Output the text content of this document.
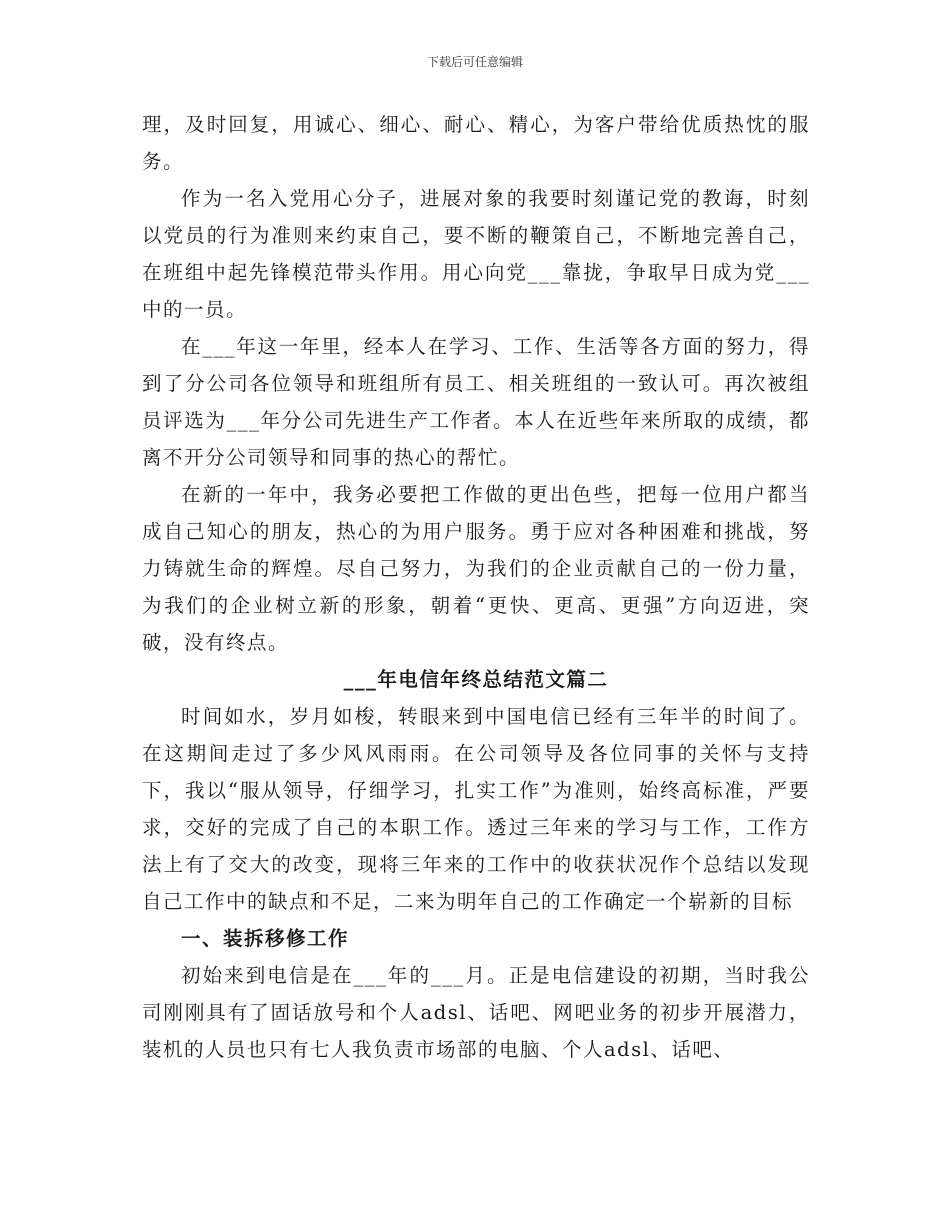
下载后可任意编辑

理，及时回复，用诚心、细心、耐心、精心，为客户带给优质热忱的服务。

作为一名入党用心分子，进展对象的我要时刻谨记党的教诲，时刻以党员的行为准则来约束自己，要不断的鞭策自己，不断地完善自己，在班组中起先锋模范带头作用。用心向党___靠拢，争取早日成为党___中的一员。

在___年这一年里，经本人在学习、工作、生活等各方面的努力，得到了分公司各位领导和班组所有员工、相关班组的一致认可。再次被组员评选为___年分公司先进生产工作者。本人在近些年来所取的成绩，都离不开分公司领导和同事的热心的帮忙。

在新的一年中，我务必要把工作做的更出色些，把每一位用户都当成自己知心的朋友，热心的为用户服务。勇于应对各种困难和挑战，努力铸就生命的辉煌。尽自己努力，为我们的企业贡献自己的一份力量，为我们的企业树立新的形象，朝着“更快、更高、更强”方向迈进，突破，没有终点。

___年电信年终总结范文篇二

时间如水，岁月如梭，转眼来到中国电信已经有三年半的时间了。在这期间走过了多少风风雨雨。在公司领导及各位同事的关怀与支持下，我以“服从领导，仔细学习，扎实工作”为准则，始终高标准，严要求，交好的完成了自己的本职工作。透过三年来的学习与工作，工作方法上有了交大的改变，现将三年来的工作中的收获状况作个总结以发现自己工作中的缺点和不足，二来为明年自己的工作确定一个崭新的目标

一、装拆移修工作

初始来到电信是在___年的___月。正是电信建设的初期，当时我公司刚刚具有了固话放号和个人adsl、话吧、网吧业务的初步开展潜力，装机的人员也只有七人我负责市场部的电脑、个人adsl、话吧、
